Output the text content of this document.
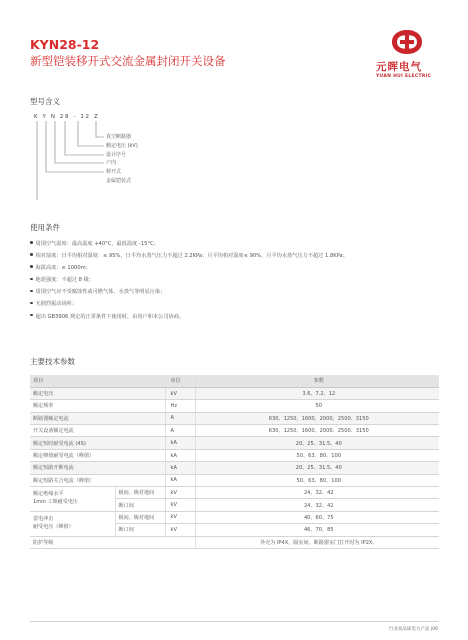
KYN28-12
新型铠装移开式交流金属封闭开关设备	元晖电气
YUAN HUI ELECTRIC
型号含义
K Y N 28 - 12 Z
真空断路器
额定电压 (kV)
设计序号
户内
移开式
金属铠装式
使用条件
周围空气温度：最高温度 +40°C，最低温度 -15°C；
相对湿度：日平均相对湿度：≤ 95%，日平均水蒸气压力不超过 2.2KPa；月平均相对湿度≤ 90%，月平均水蒸气压力不超过 1.8KPa；
海拔高度：≤ 1000m；
地震强度：不超过 8 级；
周围空气应不受腐蚀性或可燃气体、水蒸气等明显污染；
无剧烈振动场所；
超出 GB3906 规定的正常条件下使用时，由用户和本公司协商。
主要技术参数
项目		单位	参数
额定电压		kV	3.6、7.2、12
额定频率		Hz	50
断路器额定电流		A	630、1250、1600、2000、2500、3150
开关设备额定电流		A	630、1250、1600、2000、2500、3150
额定短时耐受电流 (4S)		kA	20、25、31.5、40
额定峰值耐受电流（峰值）		kA	50、63、80、100
额定短路开断电流		kA	20、25、31.5、40
额定短路关合电流（峰值）		kA	50、63、80、100
额定绝缘水平
1min 工频耐受电压	极间、极对地间	kV	24、32、42
	断口间	kV	24、32、42
雷电冲击
耐受电压（峰值）	极间、极对地间	kV	40、60、75
	断口间	kV	46、70、85
防护等级			外壳为 IP4X，隔室间、断路器室门打开时为 IP2X。
行业高品质电力产品 |06
